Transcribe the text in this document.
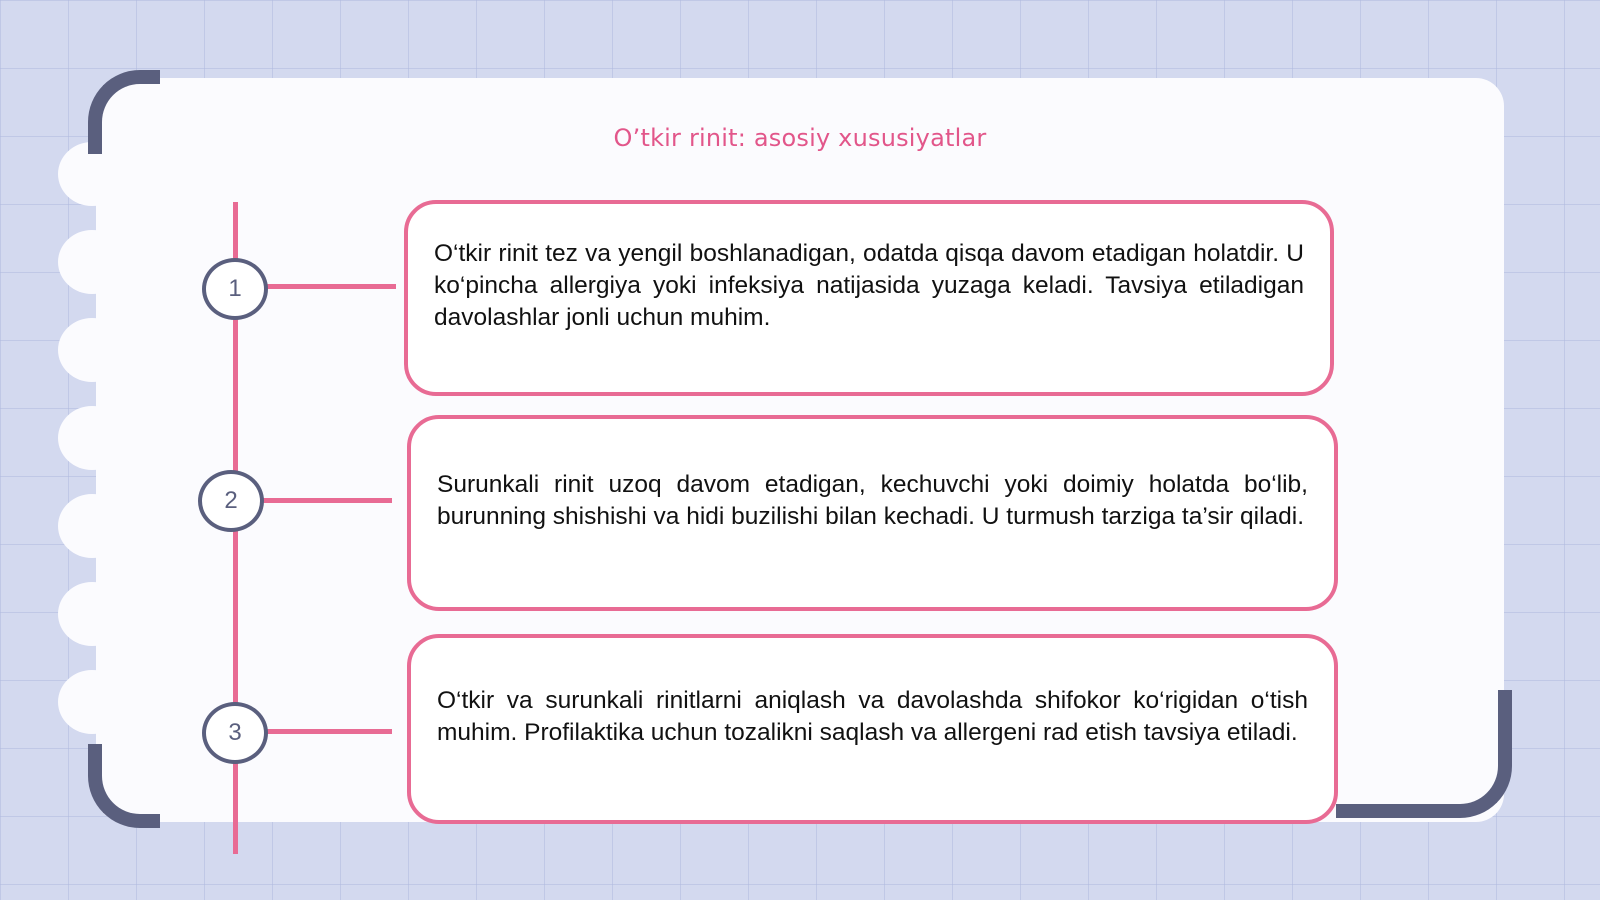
O’tkir rinit: asosiy xususiyatlar
1
2
3

O‘tkir rinit tez va yengil boshlanadigan, odatda qisqa davom etadigan holatdir. U ko‘pincha allergiya yoki infeksiya natijasida yuzaga keladi. Tavsiya etiladigan davolashlar jonli uchun muhim.

Surunkali rinit uzoq davom etadigan, kechuvchi yoki doimiy holatda bo‘lib, burunning shishishi va hidi buzilishi bilan kechadi. U turmush tarziga ta’sir qiladi.

O‘tkir va surunkali rinitlarni aniqlash va davolashda shifokor ko‘rigidan o‘tish muhim. Profilaktika uchun tozalikni saqlash va allergeni rad etish tavsiya etiladi.
